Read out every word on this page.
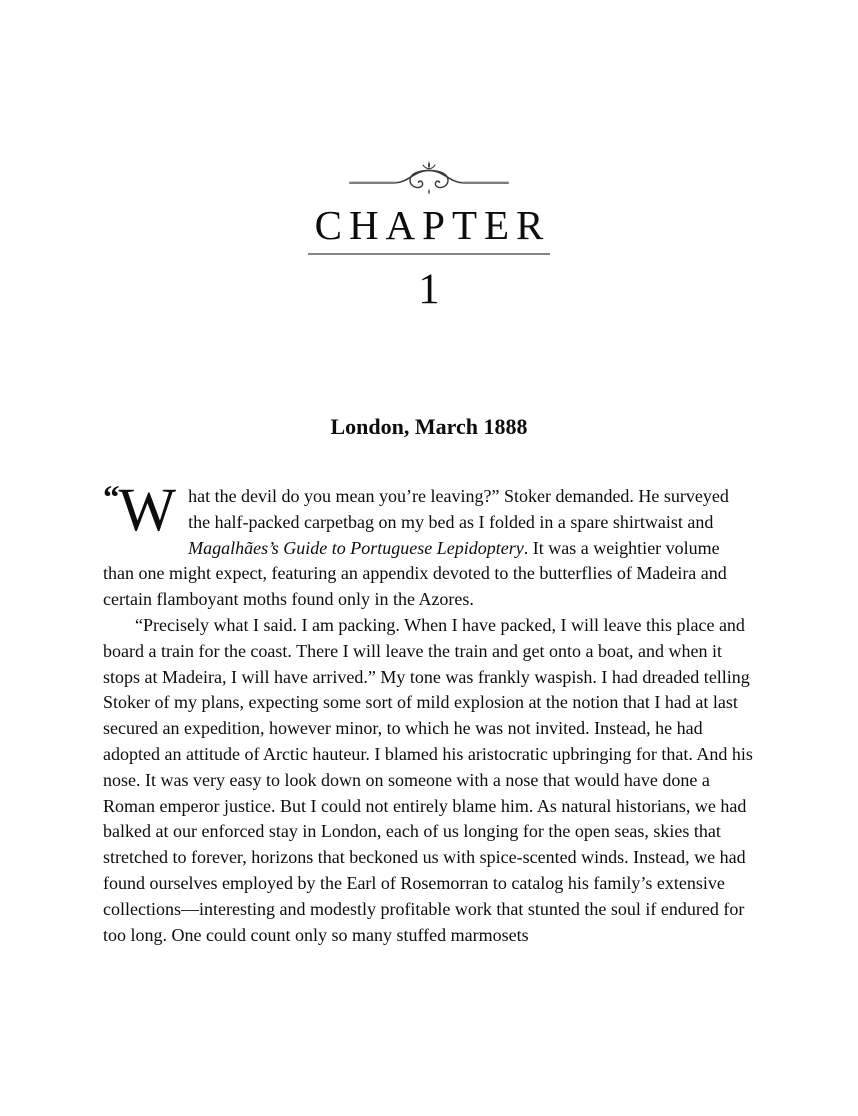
CHAPTER
1
London, March 1888

“W hat the devil do you mean you’re leaving?” Stoker demanded. He surveyed the half-packed carpetbag on my bed as I folded in a spare shirtwaist and Magalhães’s Guide to Portuguese Lepidoptery. It was a weightier volume than one might expect, featuring an appendix devoted to the butterflies of Madeira and certain flamboyant moths found only in the Azores.

“Precisely what I said. I am packing. When I have packed, I will leave this place and board a train for the coast. There I will leave the train and get onto a boat, and when it stops at Madeira, I will have arrived.” My tone was frankly waspish. I had dreaded telling Stoker of my plans, expecting some sort of mild explosion at the notion that I had at last secured an expedition, however minor, to which he was not invited. Instead, he had adopted an attitude of Arctic hauteur. I blamed his aristocratic upbringing for that. And his nose. It was very easy to look down on someone with a nose that would have done a Roman emperor justice. But I could not entirely blame him. As natural historians, we had balked at our enforced stay in London, each of us longing for the open seas, skies that stretched to forever, horizons that beckoned us with spice-scented winds. Instead, we had found ourselves employed by the Earl of Rosemorran to catalog his family’s extensive collections—interesting and modestly profitable work that stunted the soul if endured for too long. One could count only so many stuffed marmosets
